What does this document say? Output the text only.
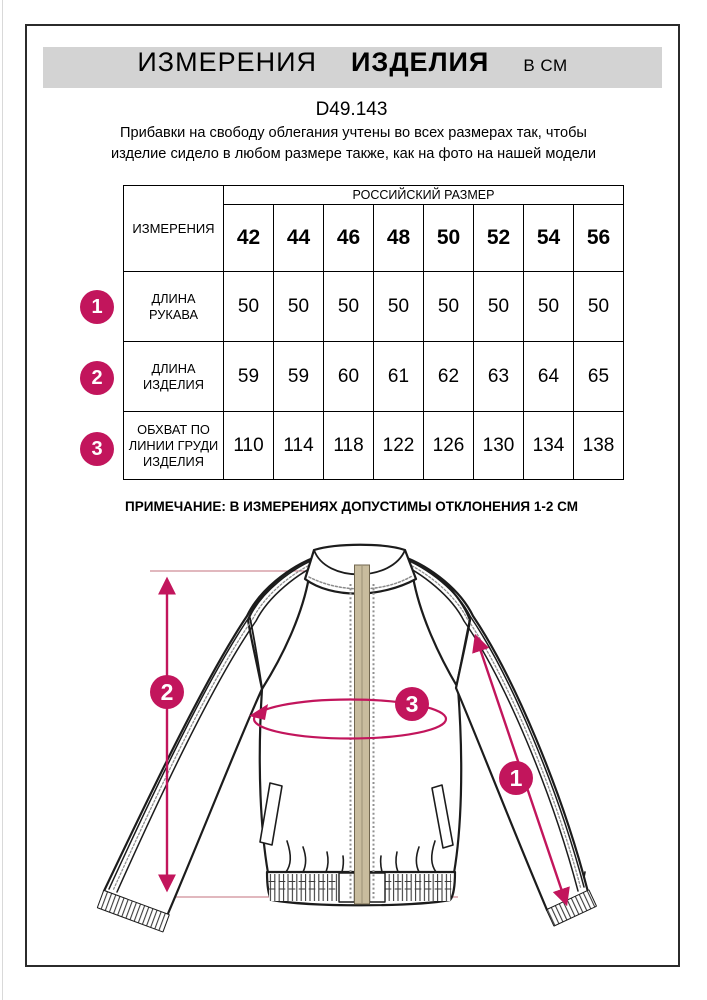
ИЗМЕРЕНИЯ ИЗДЕЛИЯ В СМ
D49.143
Прибавки на свободу облегания учтены во всех размерах так, чтобы изделие сидело в любом размере также, как на фото на нашей модели
ИЗМЕРЕНИЯ	РОССИЙСКИЙ РАЗМЕР							
	42	44	46	48	50	52	54	56
ДЛИНА РУКАВА	50	50	50	50	50	50	50	50
ДЛИНА ИЗДЕЛИЯ	59	59	60	61	62	63	64	65
ОБХВАТ ПО ЛИНИИ ГРУДИ ИЗДЕЛИЯ	110	114	118	122	126	130	134	138
1
2
3
ПРИМЕЧАНИЕ: В ИЗМЕРЕНИЯХ ДОПУСТИМЫ ОТКЛОНЕНИЯ 1-2 СМ
2	3
1
